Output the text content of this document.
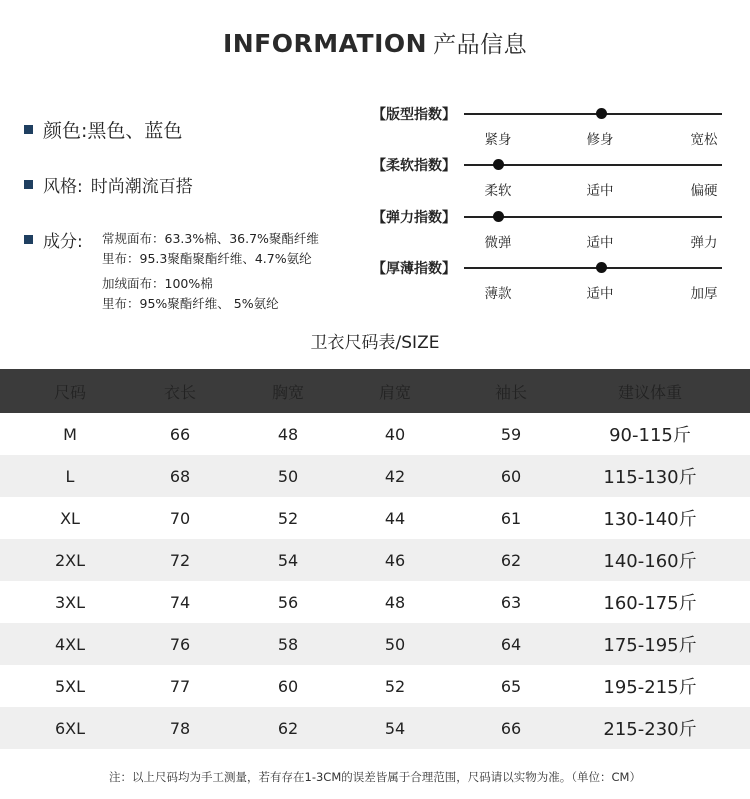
INFORMATION 产品信息
颜色: 黑色、蓝色
风格: 时尚潮流百搭
成分: 常规面布：63.3%棉、36.7%聚酯纤维
里布：95.3聚酯聚酯纤维、4.7%氨纶
加绒面布：100%棉
里布：95%聚酯纤维、 5%氨纶
【版型指数】
紧身	修身	宽松
【柔软指数】
柔软	适中	偏硬
【弹力指数】
微弹	适中	弹力
【厚薄指数】
薄款	适中	加厚
卫衣尺码表/SIZE
尺码	衣长	胸宽	肩宽	袖长	建议体重
M	66	48	40	59	90-115斤
L	68	50	42	60	115-130斤
XL	70	52	44	61	130-140斤
2XL	72	54	46	62	140-160斤
3XL	74	56	48	63	160-175斤
4XL	76	58	50	64	175-195斤
5XL	77	60	52	65	195-215斤
6XL	78	62	54	66	215-230斤
注：以上尺码均为手工测量，若有存在1-3CM的误差皆属于合理范围，尺码请以实物为准。（单位：CM）
